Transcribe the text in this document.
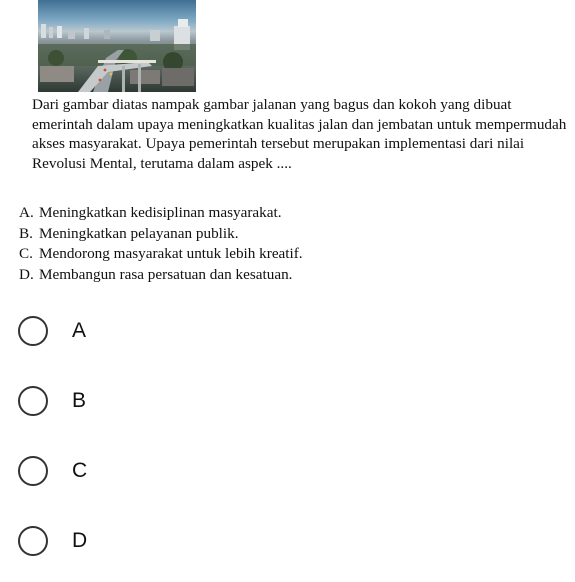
Dari gambar diatas nampak gambar jalanan yang bagus dan kokoh yang dibuat emerintah dalam upaya meningkatkan kualitas jalan dan jembatan untuk mempermudah akses masyarakat. Upaya pemerintah tersebut merupakan implementasi dari nilai Revolusi Mental, terutama dalam aspek ....

A. Meningkatkan kedisiplinan masyarakat.
B. Meningkatkan pelayanan publik.
C. Mendorong masyarakat untuk lebih kreatif.
D. Membangun rasa persatuan dan kesatuan.
A
B
C
D
